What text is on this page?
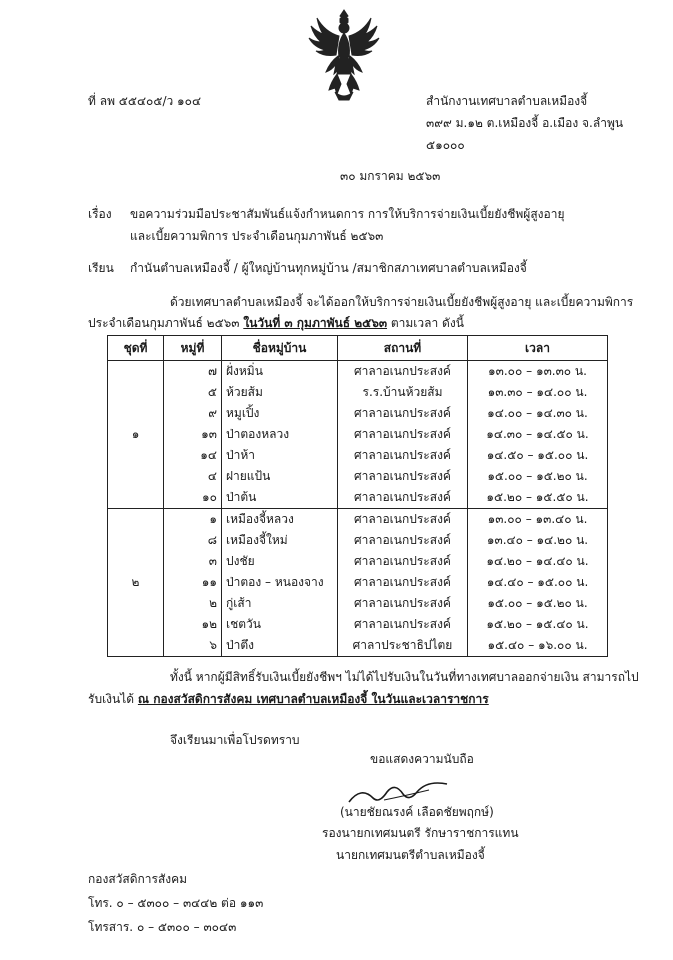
ที่ ลพ ๕๕๔๐๕/ว ๑๐๔	สำนักงานเทศบาลตำบลเหมืองจี้
๓๙๙ ม.๑๒ ต.เหมืองจี้ อ.เมือง จ.ลำพูน
๕๑๐๐๐
๓๐ มกราคม ๒๕๖๓
เรื่อง ขอความร่วมมือประชาสัมพันธ์แจ้งกำหนดการ การให้บริการจ่ายเงินเบี้ยยังชีพผู้สูงอายุ
และเบี้ยความพิการ ประจำเดือนกุมภาพันธ์ ๒๕๖๓
เรียน กำนันตำบลเหมืองจี้ / ผู้ใหญ่บ้านทุกหมู่บ้าน /สมาชิกสภาเทศบาลตำบลเหมืองจี้
ด้วยเทศบาลตำบลเหมืองจี้ จะได้ออกให้บริการจ่ายเงินเบี้ยยังชีพผู้สูงอายุ และเบี้ยความพิการ
ประจำเดือนกุมภาพันธ์ ๒๕๖๓ ในวันที่ ๓ กุมภาพันธ์ ๒๕๖๓ ตามเวลา ดังนี้
ชุดที่	หมู่ที่	ชื่อหมู่บ้าน	สถานที่	เวลา
๑	๗	ฝั่งหมิ่น	ศาลาอเนกประสงค์	๑๓.๐๐ – ๑๓.๓๐ น.
	๕	ห้วยส้ม	ร.ร.บ้านห้วยส้ม	๑๓.๓๐ – ๑๔.๐๐ น.
	๙	หมูเปิ้ง	ศาลาอเนกประสงค์	๑๔.๐๐ – ๑๔.๓๐ น.
	๑๓	ป่าตองหลวง	ศาลาอเนกประสงค์	๑๔.๓๐ – ๑๔.๕๐ น.
	๑๔	ป่าห้า	ศาลาอเนกประสงค์	๑๔.๕๐ – ๑๕.๐๐ น.
	๔	ฝายแป้น	ศาลาอเนกประสงค์	๑๕.๐๐ – ๑๕.๒๐ น.
	๑๐	ป่าต้น	ศาลาอเนกประสงค์	๑๕.๒๐ – ๑๕.๕๐ น.
๒	๑	เหมืองจี้หลวง	ศาลาอเนกประสงค์	๑๓.๐๐ – ๑๓.๔๐ น.
	๘	เหมืองจี้ใหม่	ศาลาอเนกประสงค์	๑๓.๔๐ – ๑๔.๒๐ น.
	๓	ปงชัย	ศาลาอเนกประสงค์	๑๔.๒๐ – ๑๔.๔๐ น.
	๑๑	ป่าตอง – หนองจาง	ศาลาอเนกประสงค์	๑๔.๔๐ – ๑๕.๐๐ น.
	๒	กู่เส้า	ศาลาอเนกประสงค์	๑๕.๐๐ – ๑๕.๒๐ น.
	๑๒	เชตวัน	ศาลาอเนกประสงค์	๑๕.๒๐ – ๑๕.๔๐ น.
	๖	ป่าตึง	ศาลาประชาธิปไตย	๑๕.๔๐ – ๑๖.๐๐ น.
ทั้งนี้ หากผู้มีสิทธิ์รับเงินเบี้ยยังชีพฯ ไม่ได้ไปรับเงินในวันที่ทางเทศบาลออกจ่ายเงิน สามารถไป
รับเงินได้ ณ กองสวัสดิการสังคม เทศบาลตำบลเหมืองจี้ ในวันและเวลาราชการ
จึงเรียนมาเพื่อโปรดทราบ
ขอแสดงความนับถือ
(นายชัยณรงค์ เลือดชัยพฤกษ์)
รองนายกเทศมนตรี รักษาราชการแทน
นายกเทศมนตรีตำบลเหมืองจี้
กองสวัสดิการสังคม
โทร. ๐ – ๕๓๐๐ – ๓๔๔๒ ต่อ ๑๑๓
โทรสาร. ๐ – ๕๓๐๐ – ๓๐๔๓
